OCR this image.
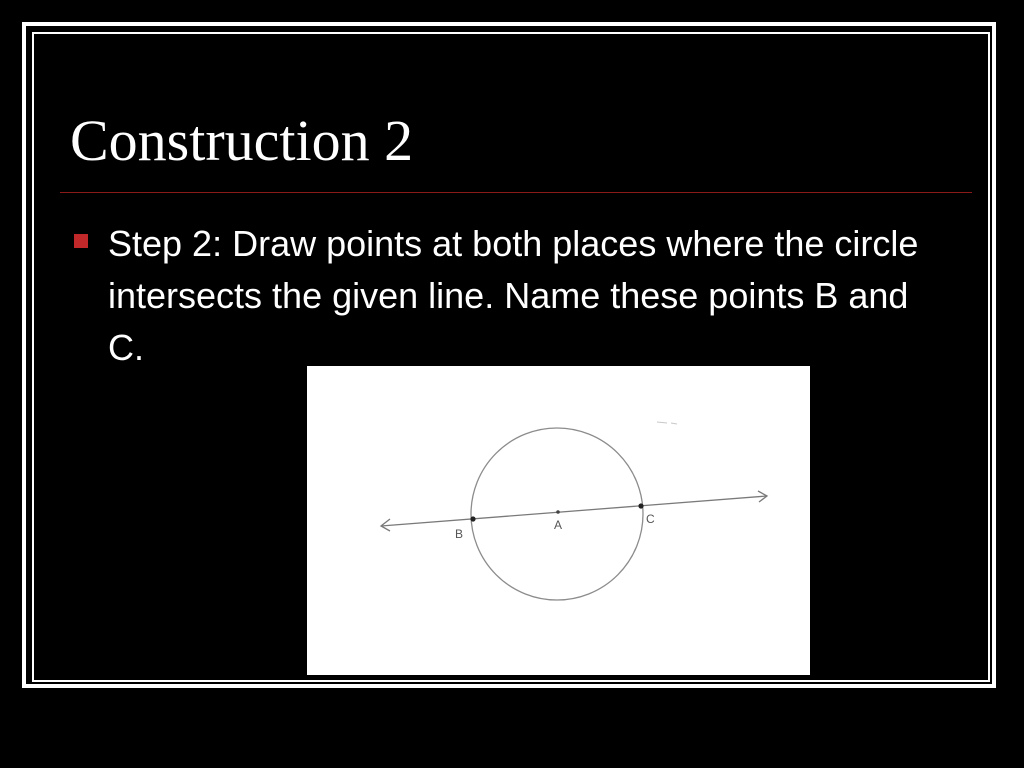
Construction 2
Step 2: Draw points at both places where the circle intersects the given line. Name these points B and C.
B
A	C
